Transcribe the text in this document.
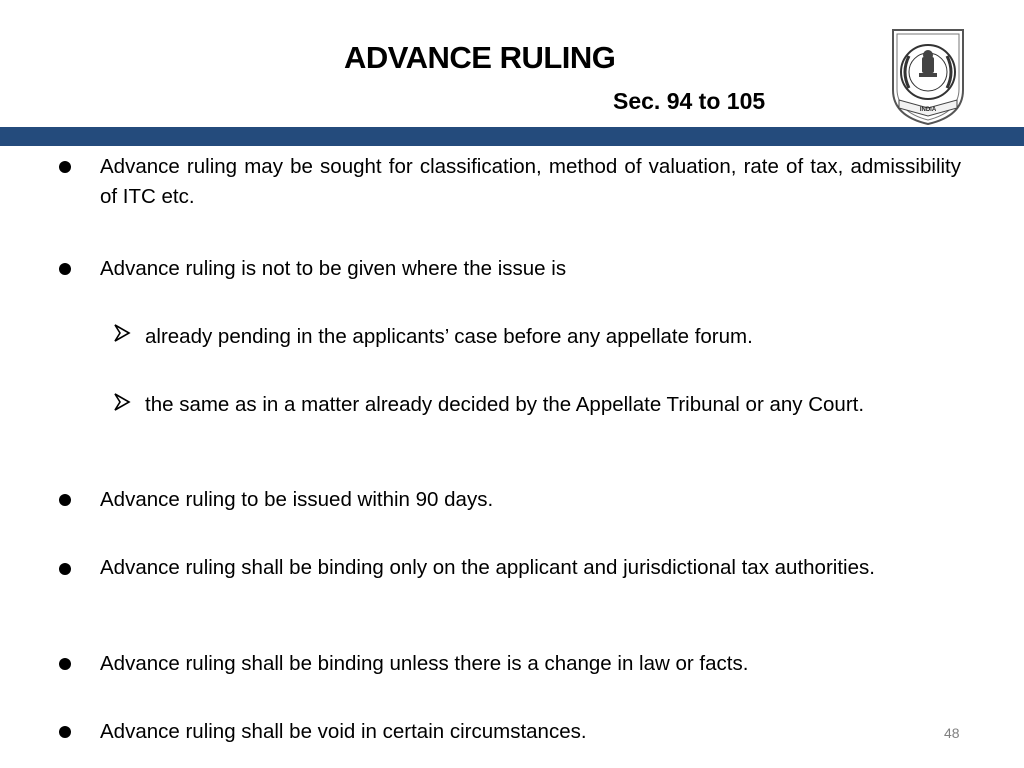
ADVANCE RULING
Sec. 94 to 105	INDIA
Advance ruling may be sought for classification, method of valuation, rate of tax, admissibility of ITC etc.
Advance ruling is not to be given where the issue is
already pending in the applicants’ case before any appellate forum.
the same as in a matter already decided by the Appellate Tribunal or any Court.
Advance ruling to be issued within 90 days.
Advance ruling shall be binding only on the applicant and jurisdictional tax authorities.
Advance ruling shall be binding unless there is a change in law or facts.
Advance ruling shall be void in certain circumstances.	48
